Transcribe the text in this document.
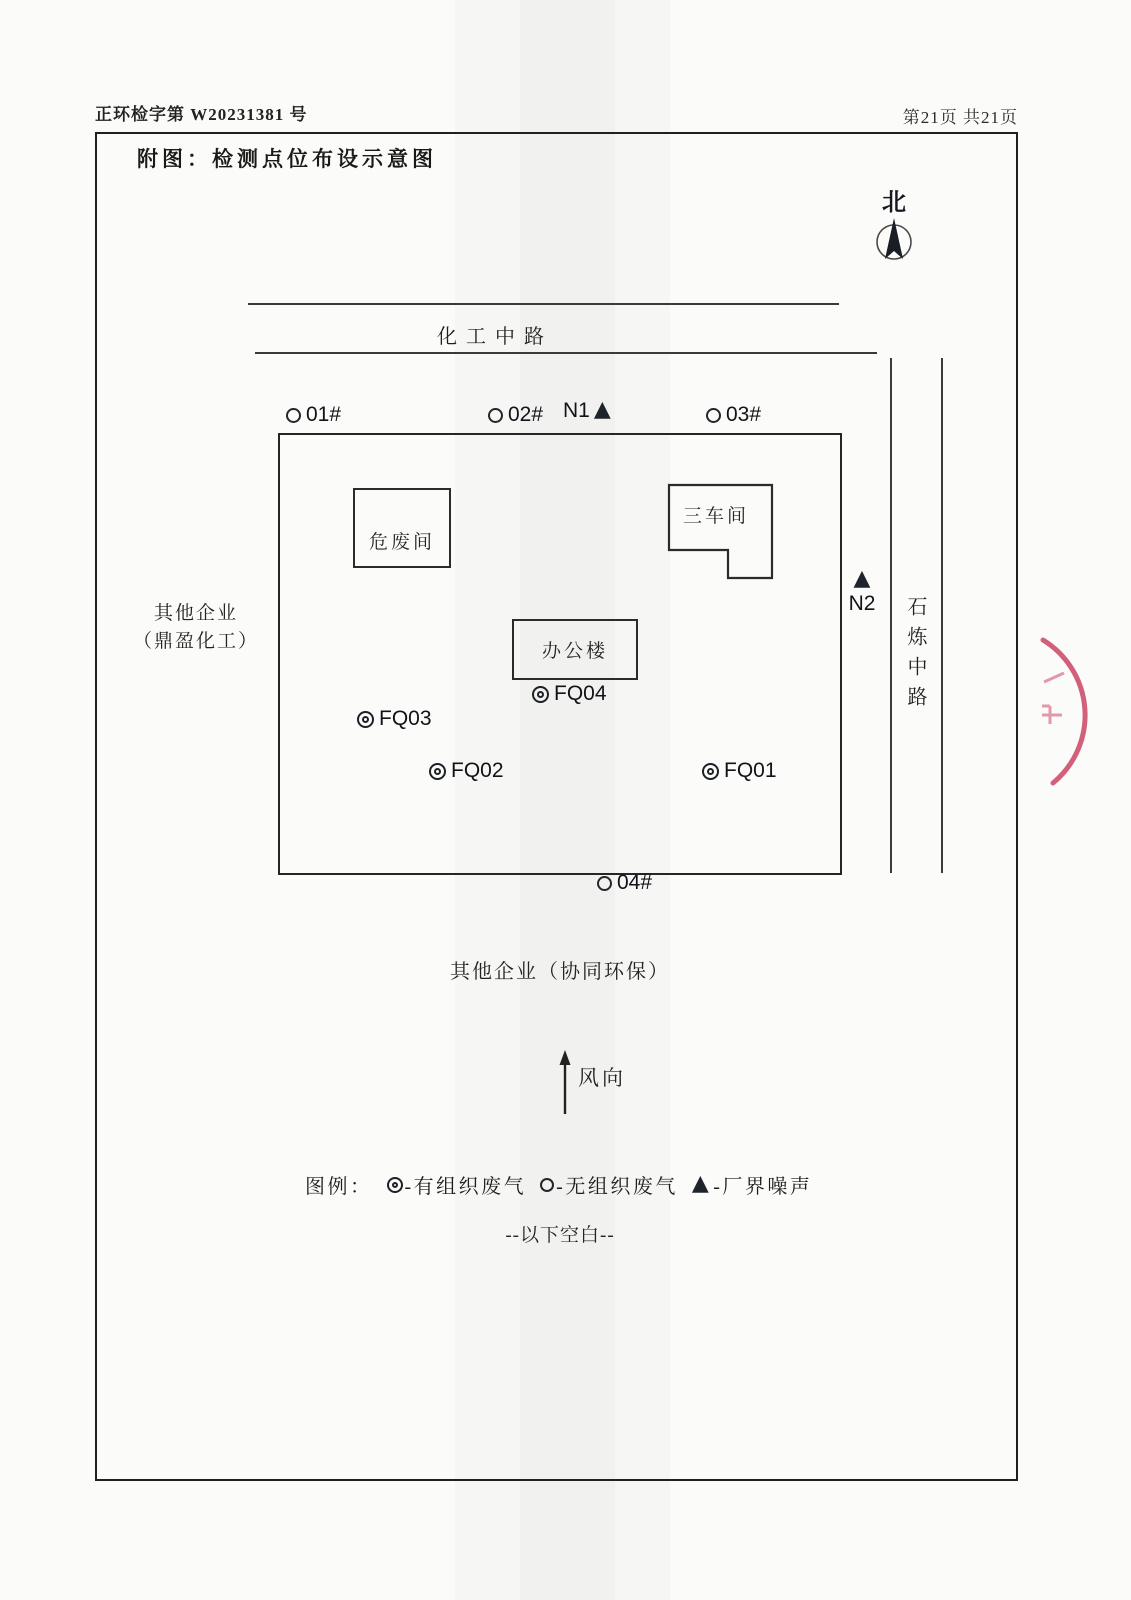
正环检字第 W20231381 号	第21页 共21页
附图：检测点位布设示意图
北
化工中路
石炼中路
危废间
三车间
办公楼
01#	02#	03#
04#
N1 ▲
▲
N2
FQ04
FQ03
FQ02	FQ01
其他企业
（鼎盈化工）
其他企业（协同环保）
风向
图例： -有组织废气 -无组织废气 ▲ -厂界噪声
--以下空白--
